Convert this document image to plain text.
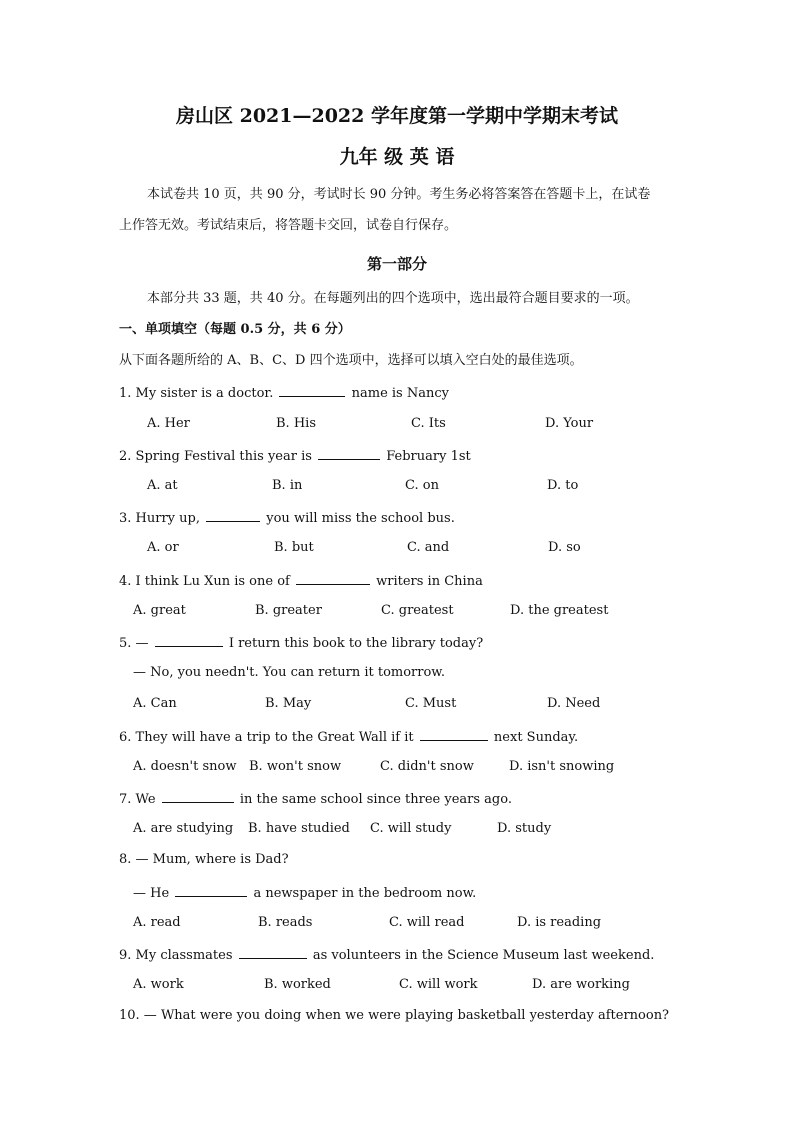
房山区 2021—2022 学年度第一学期中学期末考试
九年 级 英 语
本试卷共 10 页，共 90 分，考试时长 90 分钟。考生务必将答案答在答题卡上，在试卷
上作答无效。考试结束后，将答题卡交回，试卷自行保存。
第一部分
本部分共 33 题，共 40 分。在每题列出的四个选项中，选出最符合题目要求的一项。
一、单项填空（每题 0.5 分，共 6 分）
从下面各题所给的 A、B、C、D 四个选项中，选择可以填入空白处的最佳选项。
1. My sister is a doctor.	name is Nancy
A. Her	B. His	C. Its	D. Your
2. Spring Festival this year is	February 1st
A. at	B. in	C. on	D. to
3. Hurry up,	you will miss the school bus.
A. or	B. but	C. and	D. so
4. I think Lu Xun is one of	writers in China
A. great	B. greater	C. greatest	D. the greatest
5. —	I return this book to the library today?
— No, you needn't. You can return it tomorrow.
A. Can	B. May	C. Must	D. Need
6. They will have a trip to the Great Wall if it	next Sunday.
A. doesn't snow B. won't snow	C. didn't snow	D. isn't snowing
7. We	in the same school since three years ago.
A. are studying B. have studied C. will study	D. study
8. — Mum, where is Dad?
— He	a newspaper in the bedroom now.
A. read	B. reads	C. will read	D. is reading
9. My classmates	as volunteers in the Science Museum last weekend.
A. work	B. worked	C. will work	D. are working
10. — What were you doing when we were playing basketball yesterday afternoon?
